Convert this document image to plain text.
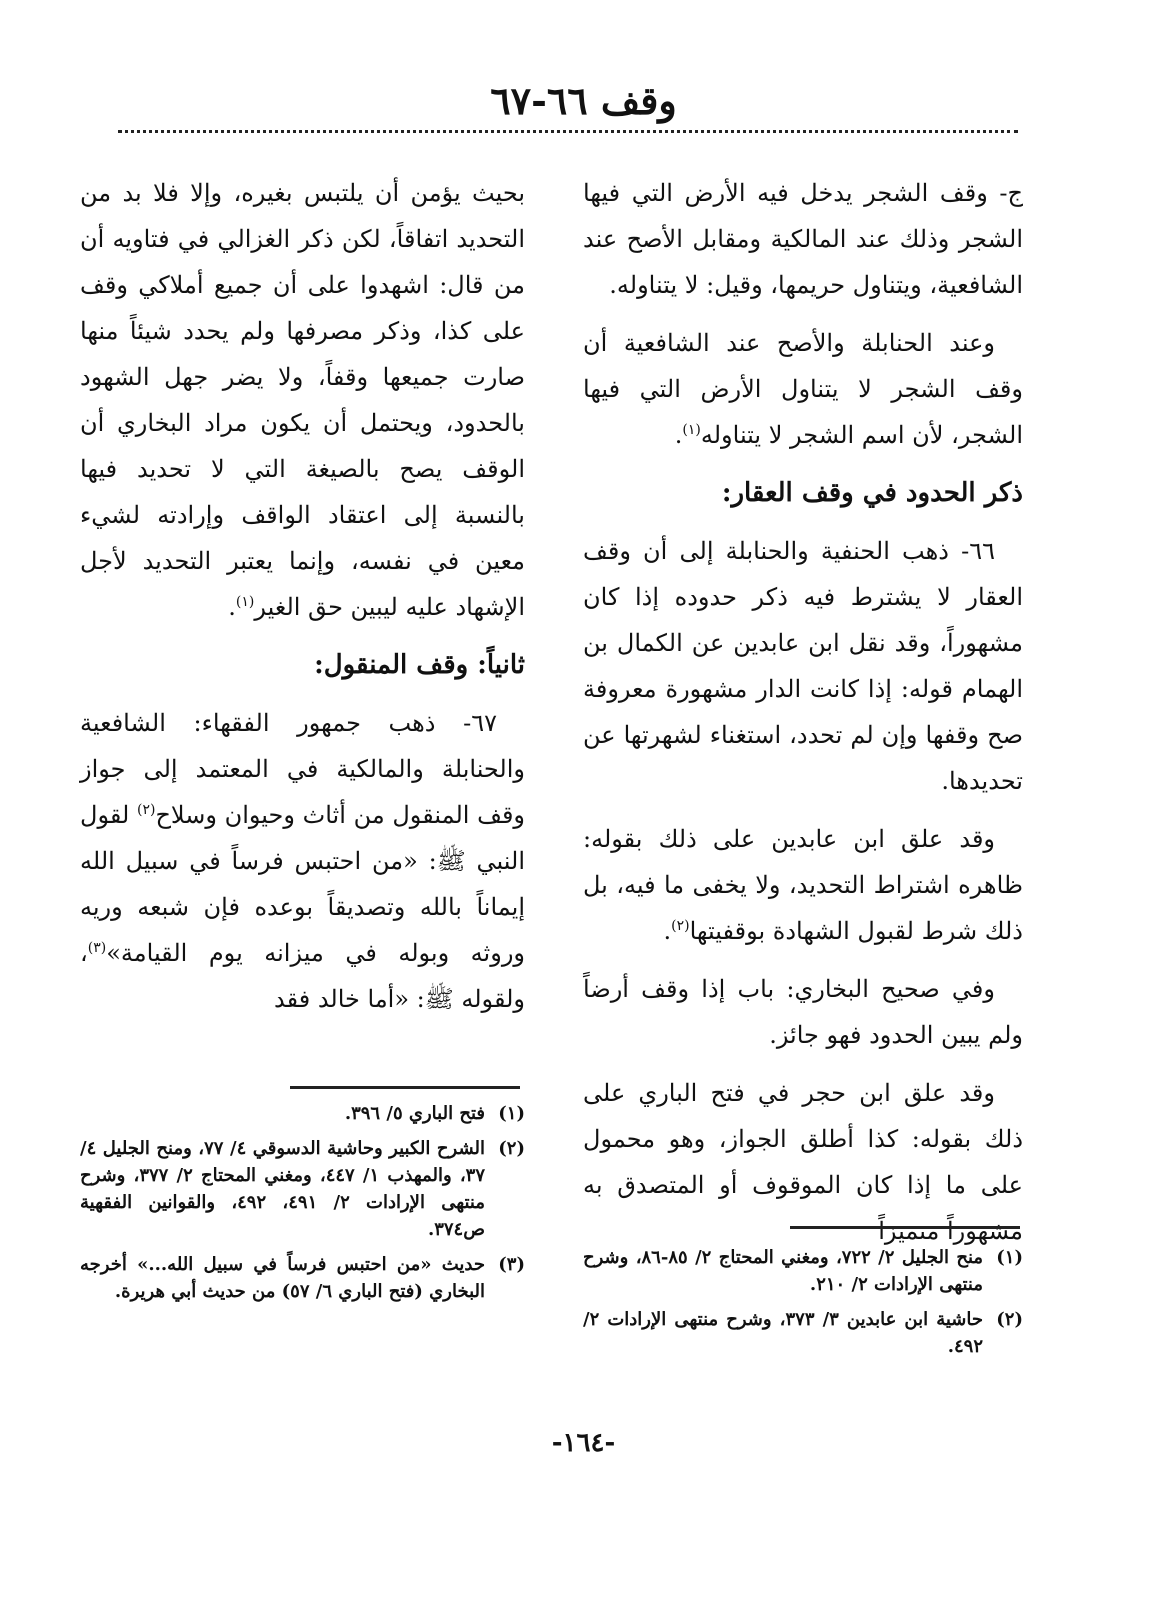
وقف ٦٦-٦٧

ج- وقف الشجر يدخل فيه الأرض التي فيها الشجر وذلك عند المالكية ومقابل الأصح عند الشافعية، ويتناول حريمها، وقيل: لا يتناوله.

وعند الحنابلة والأصح عند الشافعية أن وقف الشجر لا يتناول الأرض التي فيها الشجر، لأن اسم الشجر لا يتناوله$^{(١)}$.

ذكر الحدود في وقف العقار:

٦٦- ذهب الحنفية والحنابلة إلى أن وقف العقار لا يشترط فيه ذكر حدوده إذا كان مشهوراً، وقد نقل ابن عابدين عن الكمال بن الهمام قوله: إذا كانت الدار مشهورة معروفة صح وقفها وإن لم تحدد، استغناء لشهرتها عن تحديدها.

وقد علق ابن عابدين على ذلك بقوله: ظاهره اشتراط التحديد، ولا يخفى ما فيه، بل ذلك شرط لقبول الشهادة بوقفيتها$^{(٢)}$.

وفي صحيح البخاري: باب إذا وقف أرضاً ولم يبين الحدود فهو جائز.

وقد علق ابن حجر في فتح الباري على ذلك بقوله: كذا أطلق الجواز، وهو محمول على ما إذا كان الموقوف أو المتصدق به مشهوراً متميزاً

بحيث يؤمن أن يلتبس بغيره، وإلا فلا بد من التحديد اتفاقاً، لكن ذكر الغزالي في فتاويه أن من قال: اشهدوا على أن جميع أملاكي وقف على كذا، وذكر مصرفها ولم يحدد شيئاً منها صارت جميعها وقفاً، ولا يضر جهل الشهود بالحدود، ويحتمل أن يكون مراد البخاري أن الوقف يصح بالصيغة التي لا تحديد فيها بالنسبة إلى اعتقاد الواقف وإرادته لشيء معين في نفسه، وإنما يعتبر التحديد لأجل الإشهاد عليه ليبين حق الغير$^{(١)}$.

ثانياً: وقف المنقول:

٦٧- ذهب جمهور الفقهاء: الشافعية والحنابلة والمالكية في المعتمد إلى جواز وقف المنقول من أثاث وحيوان وسلاح$^{(٢)}$ لقول النبي ﷺ: «من احتبس فرساً في سبيل الله إيماناً بالله وتصديقاً بوعده فإن شبعه وريه وروثه وبوله في ميزانه يوم القيامة»$^{(٣)}$، ولقوله ﷺ: «أما خالد فقد

(١)
منح الجليل ٢/ ٧٢٢، ومغني المحتاج ٢/ ٨٥-٨٦، وشرح منتهى الإرادات ٢/ ٢١٠.
(٢)
حاشية ابن عابدين ٣/ ٣٧٣، وشرح منتهى الإرادات ٢/ ٤٩٢.
(١)
فتح الباري ٥/ ٣٩٦.
(٢)
الشرح الكبير وحاشية الدسوقي ٤/ ٧٧، ومنح الجليل ٤/ ٣٧، والمهذب ١/ ٤٤٧، ومغني المحتاج ٢/ ٣٧٧، وشرح منتهى الإرادات ٢/ ٤٩١، ٤٩٢، والقوانين الفقهية ص٣٧٤.
(٣)
حديث «من احتبس فرساً في سبيل الله...» أخرجه البخاري (فتح الباري ٦/ ٥٧) من حديث أبي هريرة.
-١٦٤-
